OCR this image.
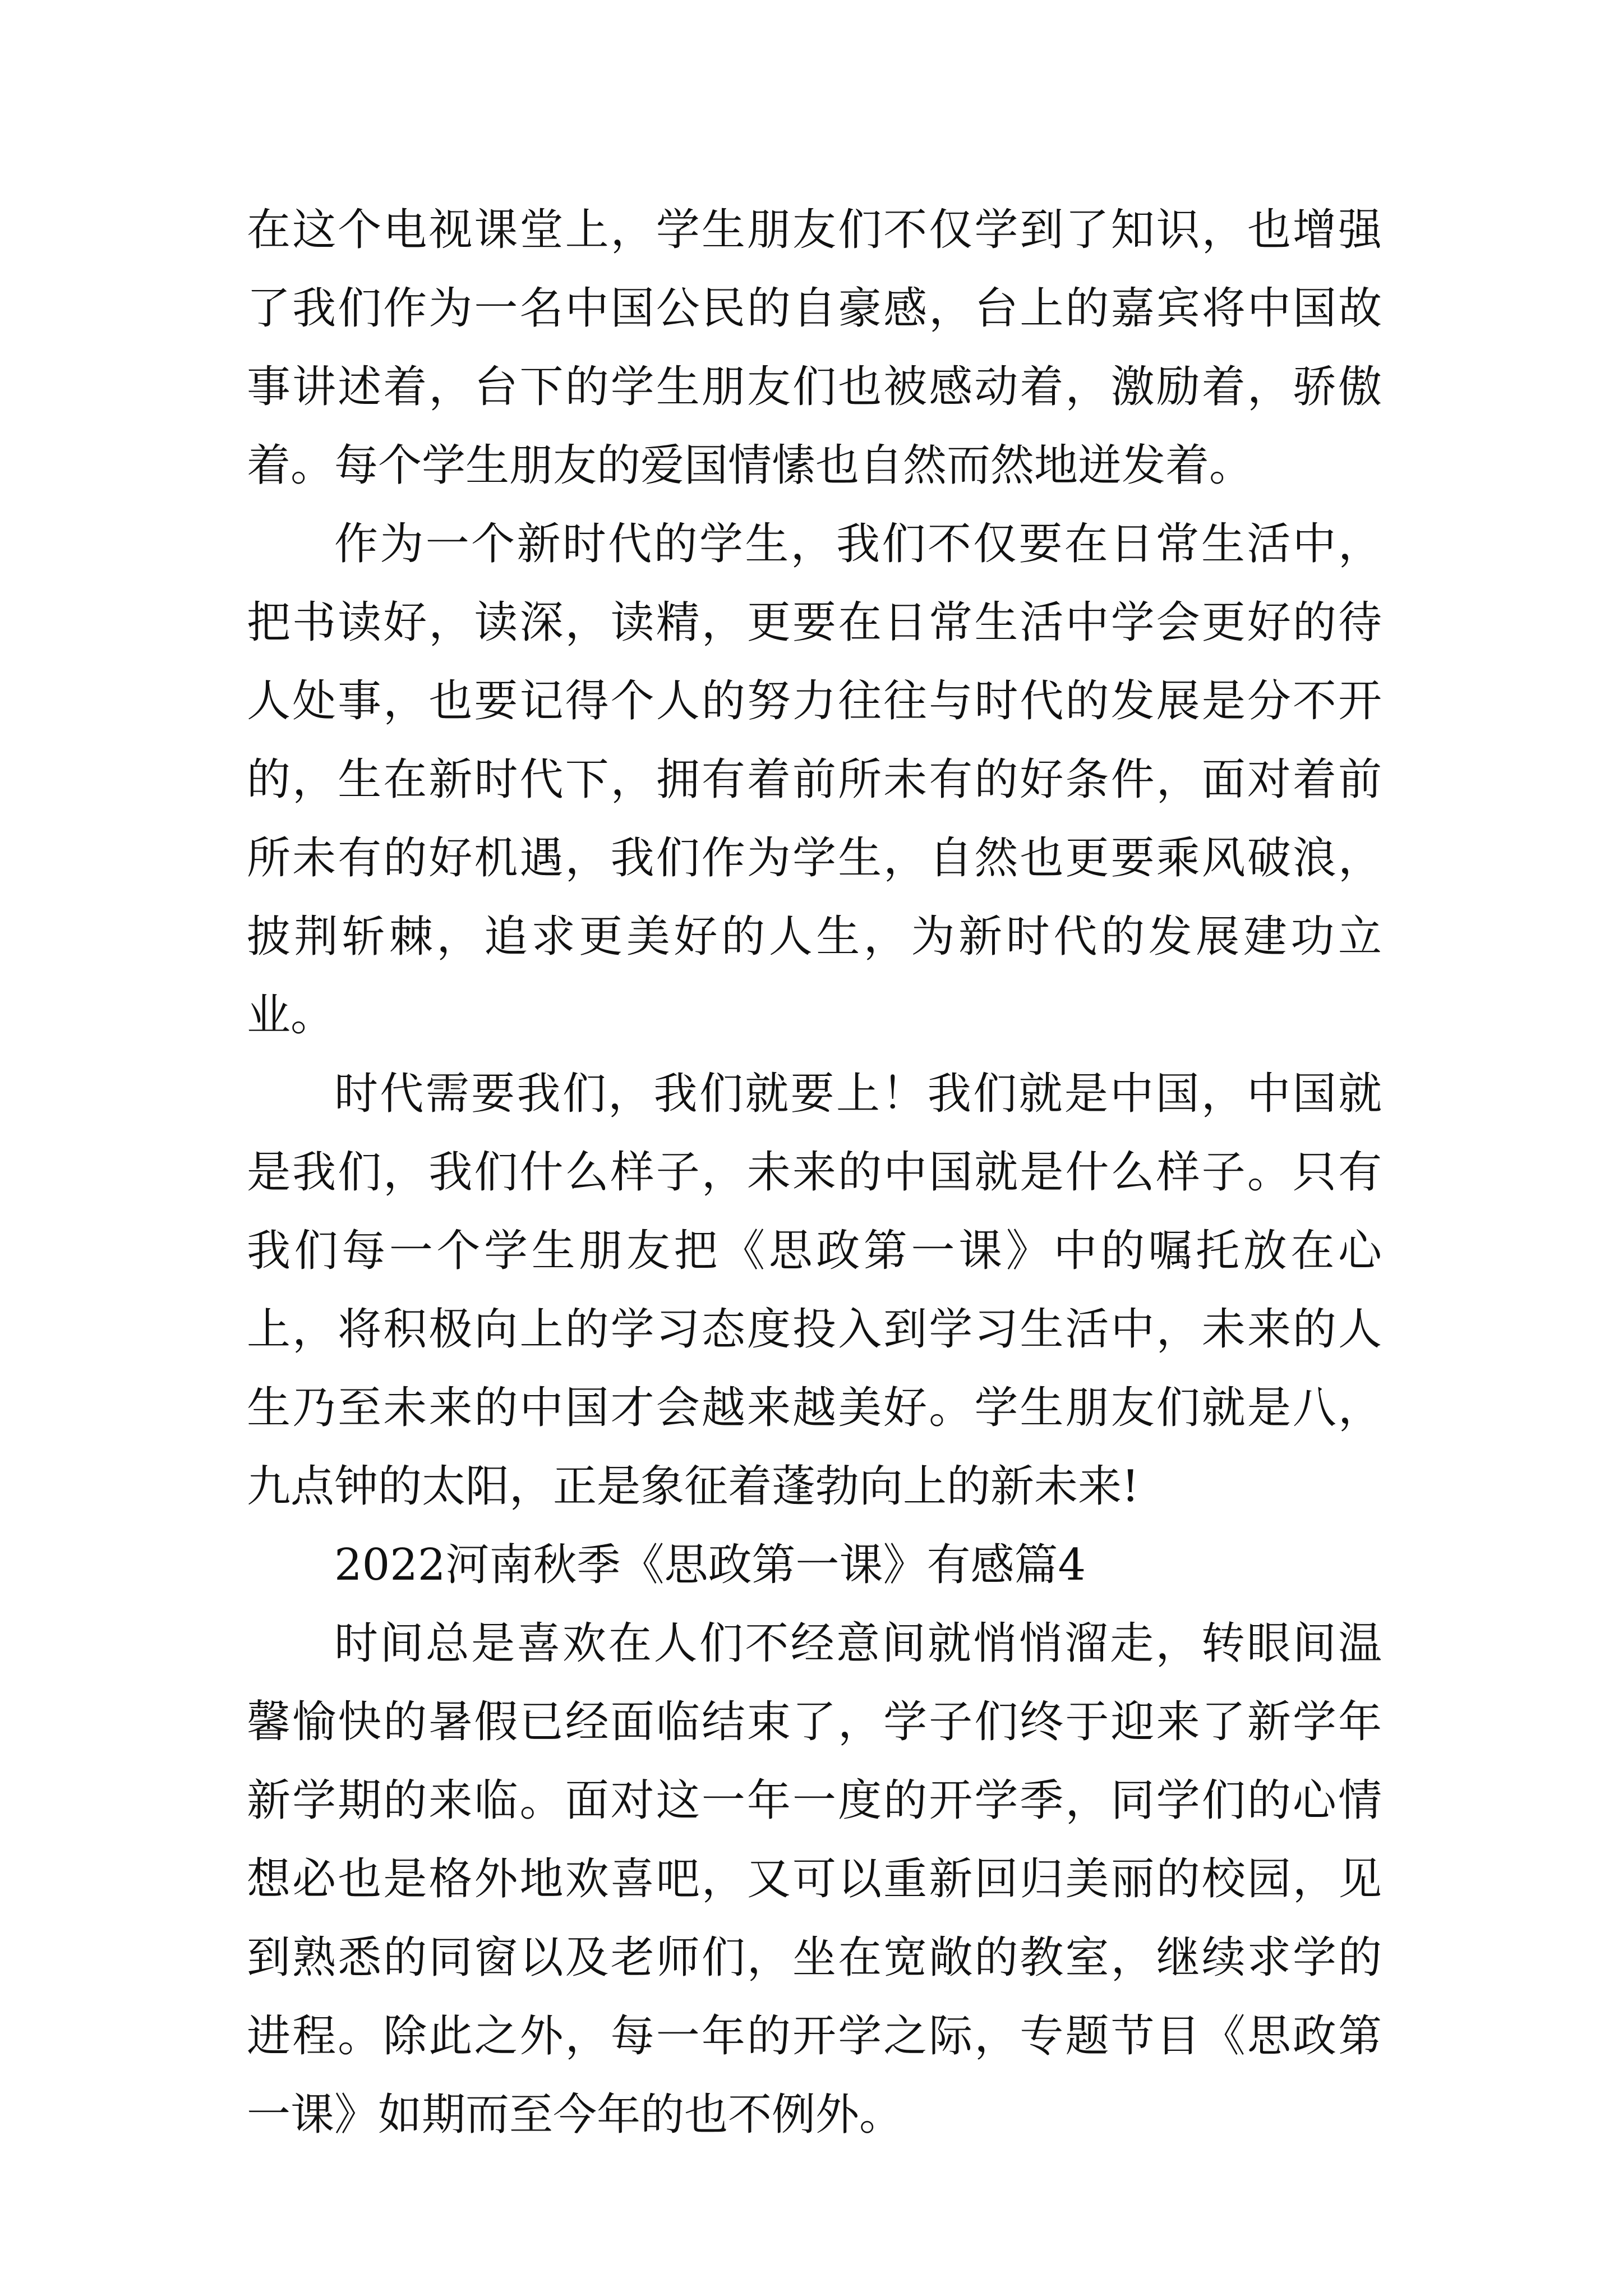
在这个电视课堂上，学生朋友们不仅学到了知识，也增强了我们作为一名中国公民的自豪感，台上的嘉宾将中国故事讲述着，台下的学生朋友们也被感动着，激励着，骄傲着。每个学生朋友的爱国情愫也自然而然地迸发着。

作为一个新时代的学生，我们不仅要在日常生活中，把书读好，读深，读精，更要在日常生活中学会更好的待人处事，也要记得个人的努力往往与时代的发展是分不开的，生在新时代下，拥有着前所未有的好条件，面对着前所未有的好机遇，我们作为学生，自然也更要乘风破浪，披荆斩棘，追求更美好的人生，为新时代的发展建功立业。

时代需要我们，我们就要上！我们就是中国，中国就是我们，我们什么样子，未来的中国就是什么样子。只有我们每一个学生朋友把《思政第一课》中的嘱托放在心上，将积极向上的学习态度投入到学习生活中，未来的人生乃至未来的中国才会越来越美好。学生朋友们就是八，九点钟的太阳，正是象征着蓬勃向上的新未来!

2022河南秋季《思政第一课》有感篇4

时间总是喜欢在人们不经意间就悄悄溜走，转眼间温馨愉快的暑假已经面临结束了，学子们终于迎来了新学年新学期的来临。面对这一年一度的开学季，同学们的心情想必也是格外地欢喜吧，又可以重新回归美丽的校园，见到熟悉的同窗以及老师们，坐在宽敞的教室，继续求学的进程。除此之外，每一年的开学之际，专题节目《思政第一课》如期而至今年的也不例外。
